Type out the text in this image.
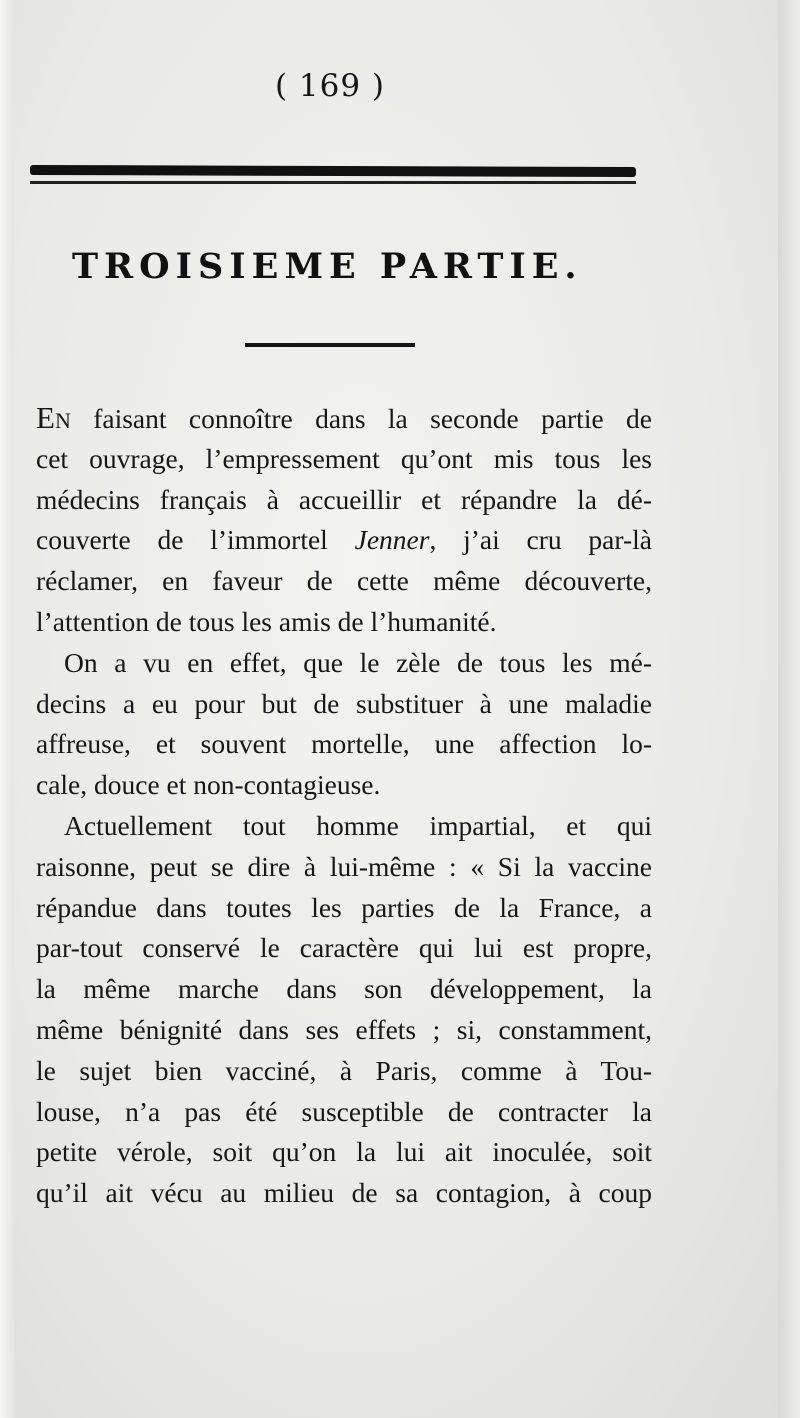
( 169 )
TROISIEME PARTIE.
EN faisant connoître dans la seconde partie de
cet ouvrage, l’empressement qu’ont mis tous les
médecins français à accueillir et répandre la dé-
couverte de l’immortel Jenner, j’ai cru par-là
réclamer, en faveur de cette même découverte,
l’attention de tous les amis de l’humanité.
On a vu en effet, que le zèle de tous les mé-
decins a eu pour but de substituer à une maladie
affreuse, et souvent mortelle, une affection lo-
cale, douce et non-contagieuse.
Actuellement tout homme impartial, et qui
raisonne, peut se dire à lui-même : « Si la vaccine
répandue dans toutes les parties de la France, a
par-tout conservé le caractère qui lui est propre,
la même marche dans son développement, la
même bénignité dans ses effets ; si, constamment,
le sujet bien vacciné, à Paris, comme à Tou-
louse, n’a pas été susceptible de contracter la
petite vérole, soit qu’on la lui ait inoculée, soit
qu’il ait vécu au milieu de sa contagion, à coup
